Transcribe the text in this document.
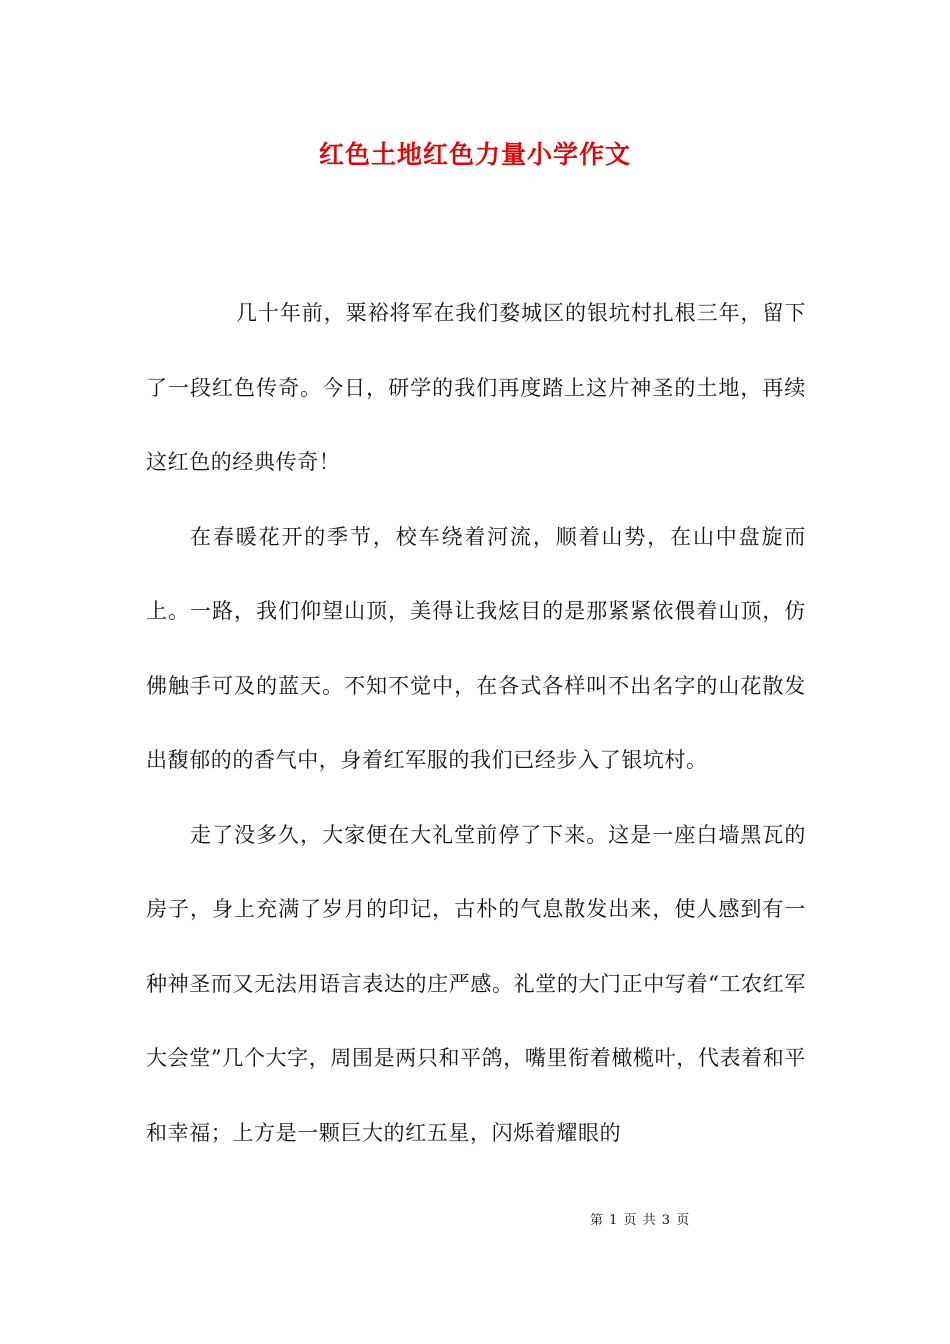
红色土地红色力量小学作文

几十年前，粟裕将军在我们婺城区的银坑村扎根三年，留下了一段红色传奇。今日，研学的我们再度踏上这片神圣的土地，再续这红色的经典传奇！

在春暖花开的季节，校车绕着河流，顺着山势，在山中盘旋而上。一路，我们仰望山顶，美得让我炫目的是那紧紧依偎着山顶，仿佛触手可及的蓝天。不知不觉中，在各式各样叫不出名字的山花散发出馥郁的的香气中，身着红军服的我们已经步入了银坑村。

走了没多久，大家便在大礼堂前停了下来。这是一座白墙黑瓦的房子，身上充满了岁月的印记，古朴的气息散发出来，使人感到有一种神圣而又无法用语言表达的庄严感。礼堂的大门正中写着“工农红军大会堂”几个大字，周围是两只和平鸽，嘴里衔着橄榄叶，代表着和平和幸福；上方是一颗巨大的红五星，闪烁着耀眼的

第 1 页 共 3 页
